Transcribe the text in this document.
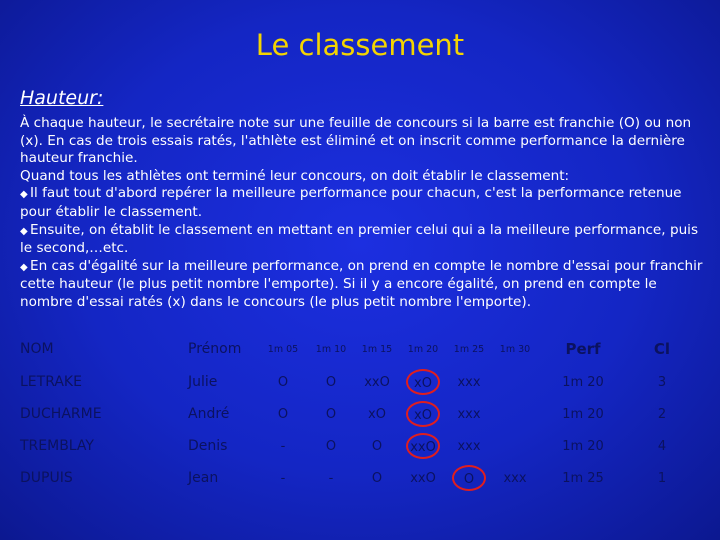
Le classement
Hauteur:

À chaque hauteur, le secrétaire note sur une feuille de concours si la barre est franchie (O) ou non (x). En cas de trois essais ratés, l'athlète est éliminé et on inscrit comme performance la dernière hauteur franchie.

Quand tous les athlètes ont terminé leur concours, on doit établir le classement:

◆ Il faut tout d'abord repérer la meilleure performance pour chacun, c'est la performance retenue pour établir le classement.

◆ Ensuite, on établit le classement en mettant en premier celui qui a la meilleure performance, puis le second,…etc.

◆ En cas d'égalité sur la meilleure performance, on prend en compte le nombre d'essai pour franchir cette hauteur (le plus petit nombre l'emporte). Si il y a encore égalité, on prend en compte le nombre d'essai ratés (x) dans le concours (le plus petit nombre l'emporte).

NOM	Prénom	1m 05	1m 10	1m 15	1m 20	1m 25	1m 30	Perf	Cl
LETRAKE	Julie	O	O	xxO	xO	xxx		1m 20	3
DUCHARME	André	O	O	xO	xO	xxx		1m 20	2
TREMBLAY	Denis	-	O	O	xxO	xxx		1m 20	4
DUPUIS	Jean	-	-	O	xxO	O	xxx	1m 25	1
